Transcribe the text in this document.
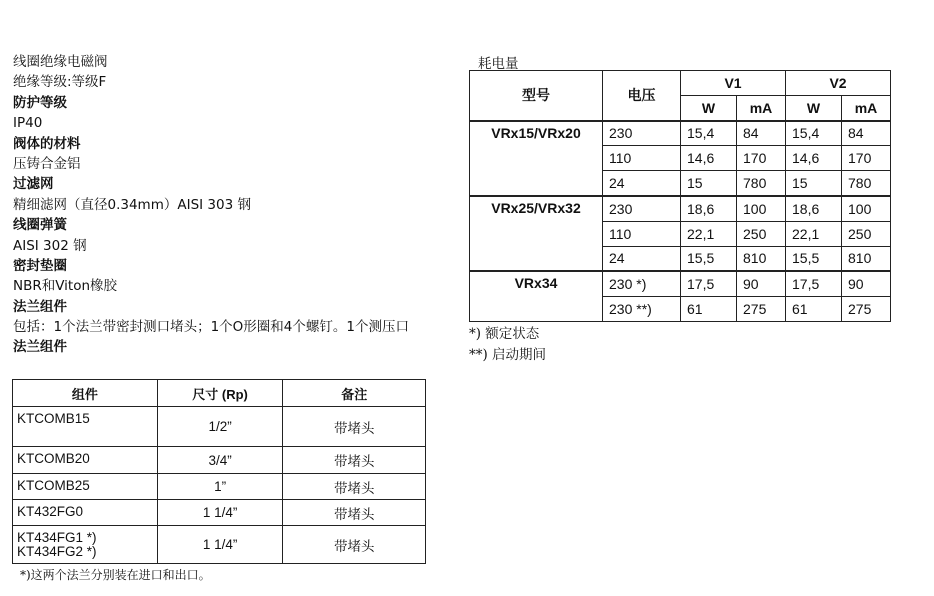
线圈绝缘电磁阀
绝缘等级:等级F
防护等级
IP40
阀体的材料
压铸合金铝
过滤网
精细滤网（直径0.34mm）AISI 303 钢
线圈弹簧
AISI 302 钢
密封垫圈
NBR和Viton橡胶
法兰组件
包括：1个法兰带密封测口堵头；1个O形圈和4个螺钉。1个测压口
法兰组件
组件	尺寸 (Rp)	备注
KTCOMB15	1/2”	带堵头
KTCOMB20	3/4”	带堵头
KTCOMB25	1”	带堵头
KT432FG0	1 1/4”	带堵头

KT434FG1 *)
KT434FG2 *)	1 1/4”	带堵头
*)这两个法兰分别装在进口和出口。
耗电量
型号	电压	V1		V2	
		W	mA	W	mA
VRx15/VRx20	230	15,4	84	15,4	84
	110	14,6	170	14,6	170
	24	15	780	15	780
VRx25/VRx32	230	18,6	100	18,6	100
	110	22,1	250	22,1	250
	24	15,5	810	15,5	810
VRx34	230 *)	17,5	90	17,5	90
	230 **)	61	275	61	275
*) 额定状态
**) 启动期间
